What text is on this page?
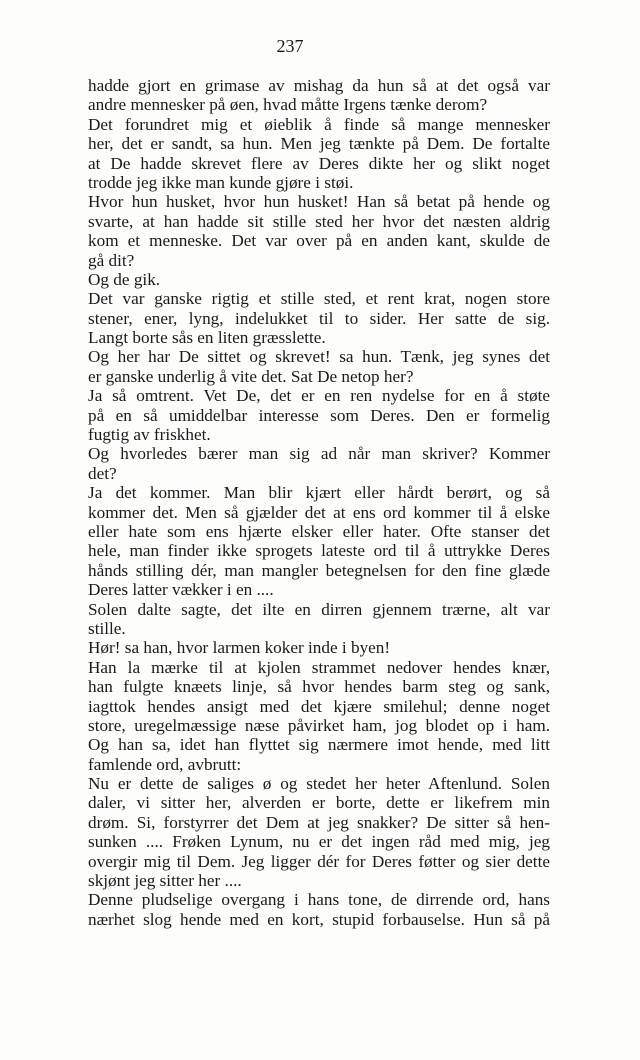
237
hadde gjort en grimase av mishag da hun så at det også var
andre mennesker på øen, hvad måtte Irgens tænke derom?
Det forundret mig et øieblik å finde så mange mennesker
her, det er sandt, sa hun. Men jeg tænkte på Dem. De fortalte
at De hadde skrevet flere av Deres dikte her og slikt noget
trodde jeg ikke man kunde gjøre i støi.
Hvor hun husket, hvor hun husket! Han så betat på hende og
svarte, at han hadde sit stille sted her hvor det næsten aldrig
kom et menneske. Det var over på en anden kant, skulde de
gå dit?
Og de gik.
Det var ganske rigtig et stille sted, et rent krat, nogen store
stener, ener, lyng, indelukket til to sider. Her satte de sig.
Langt borte sås en liten græsslette.
Og her har De sittet og skrevet! sa hun. Tænk, jeg synes det
er ganske underlig å vite det. Sat De netop her?
Ja så omtrent. Vet De, det er en ren nydelse for en å støte
på en så umiddelbar interesse som Deres. Den er formelig
fugtig av friskhet.
Og hvorledes bærer man sig ad når man skriver? Kommer
det?
Ja det kommer. Man blir kjært eller hårdt berørt, og så
kommer det. Men så gjælder det at ens ord kommer til å elske
eller hate som ens hjærte elsker eller hater. Ofte stanser det
hele, man finder ikke sprogets lateste ord til å uttrykke Deres
hånds stilling dér, man mangler betegnelsen for den fine glæde
Deres latter vækker i en ....
Solen dalte sagte, det ilte en dirren gjennem trærne, alt var
stille.
Hør! sa han, hvor larmen koker inde i byen!
Han la mærke til at kjolen strammet nedover hendes knær,
han fulgte knæets linje, så hvor hendes barm steg og sank,
iagttok hendes ansigt med det kjære smilehul; denne noget
store, uregelmæssige næse påvirket ham, jog blodet op i ham.
Og han sa, idet han flyttet sig nærmere imot hende, med litt
famlende ord, avbrutt:
Nu er dette de saliges ø og stedet her heter Aftenlund. Solen
daler, vi sitter her, alverden er borte, dette er likefrem min
drøm. Si, forstyrrer det Dem at jeg snakker? De sitter så hen-
sunken .... Frøken Lynum, nu er det ingen råd med mig, jeg
overgir mig til Dem. Jeg ligger dér for Deres føtter og sier dette
skjønt jeg sitter her ....
Denne pludselige overgang i hans tone, de dirrende ord, hans
nærhet slog hende med en kort, stupid forbauselse. Hun så på
